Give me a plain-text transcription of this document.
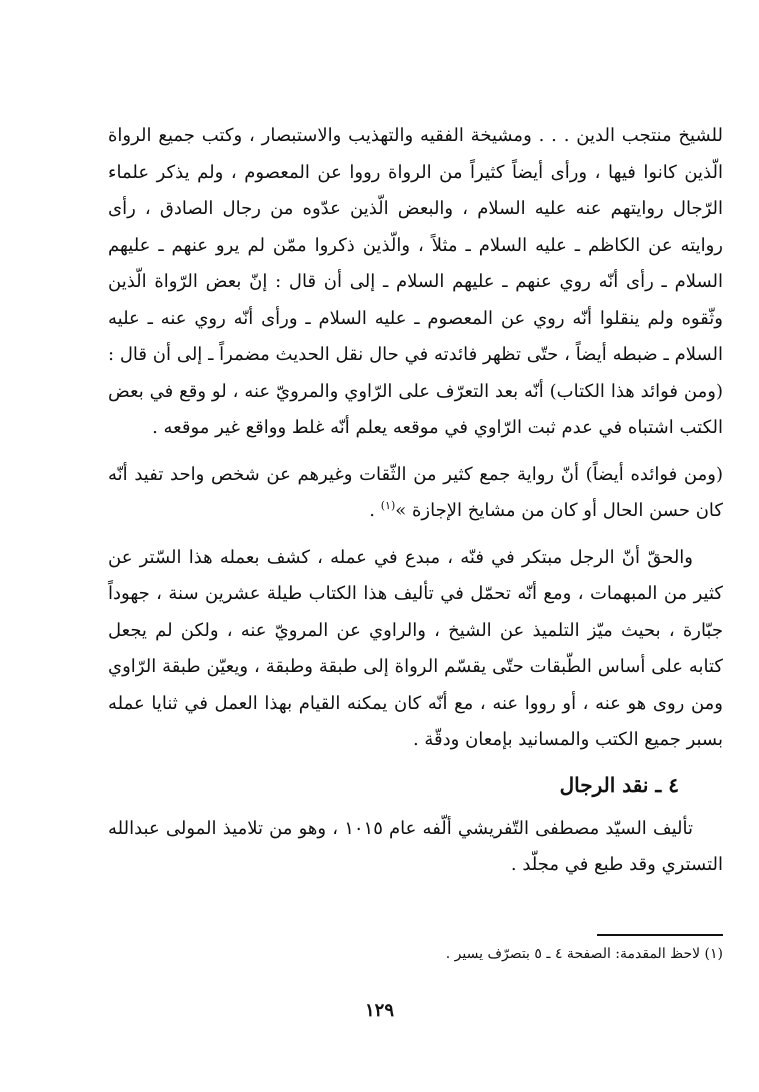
للشيخ منتجب الدين . . . ومشيخة الفقيه والتهذيب والاستبصار ، وكتب جميع الرواة الّذين كانوا فيها ، ورأى أيضاً كثيراً من الرواة رووا عن المعصوم ، ولم يذكر علماء الرّجال روايتهم عنه عليه السلام ، والبعض الّذين عدّوه من رجال الصادق ، رأى روايته عن الكاظم ـ عليه السلام ـ مثلاً ، والّذين ذكروا ممّن لم يرو عنهم ـ عليهم السلام ـ رأى أنّه روي عنهم ـ عليهم السلام ـ إلى أن قال : إنّ بعض الرّواة الّذين وثّقوه ولم ينقلوا أنّه روي عن المعصوم ـ عليه السلام ـ ورأى أنّه روي عنه ـ عليه السلام ـ ضبطه أيضاً ، حتّى تظهر فائدته في حال نقل الحديث مضمراً ـ إلى أن قال : (ومن فوائد هذا الكتاب) أنّه بعد التعرّف على الرّاوي والمرويّ عنه ، لو وقع في بعض الكتب اشتباه في عدم ثبت الرّاوي في موقعه يعلم أنّه غلط وواقع غير موقعه .

(ومن فوائده أيضاً) أنّ رواية جمع كثير من الثّقات وغيرهم عن شخص واحد تفيد أنّه كان حسن الحال أو كان من مشايخ الإجازة »$^{(١)}$ .

والحقّ أنّ الرجل مبتكر في فنّه ، مبدع في عمله ، كشف بعمله هذا السّتر عن كثير من المبهمات ، ومع أنّه تحمّل في تأليف هذا الكتاب طيلة عشرين سنة ، جهوداً جبّارة ، بحيث ميّز التلميذ عن الشيخ ، والراوي عن المرويّ عنه ، ولكن لم يجعل كتابه على أساس الطّبقات حتّى يقسّم الرواة إلى طبقة وطبقة ، ويعيّن طبقة الرّاوي ومن روى هو عنه ، أو رووا عنه ، مع أنّه كان يمكنه القيام بهذا العمل في ثنايا عمله بسبر جميع الكتب والمسانيد بإمعان ودقّة .

٤ ـ نقد الرجال

تأليف السيّد مصطفى التّفريشي ألّفه عام ١٠١٥ ، وهو من تلاميذ المولى عبدالله التستري وقد طبع في مجلّد .

(١) لاحظ المقدمة: الصفحة ٤ ـ ٥ بتصرّف يسير .
١٢٩
